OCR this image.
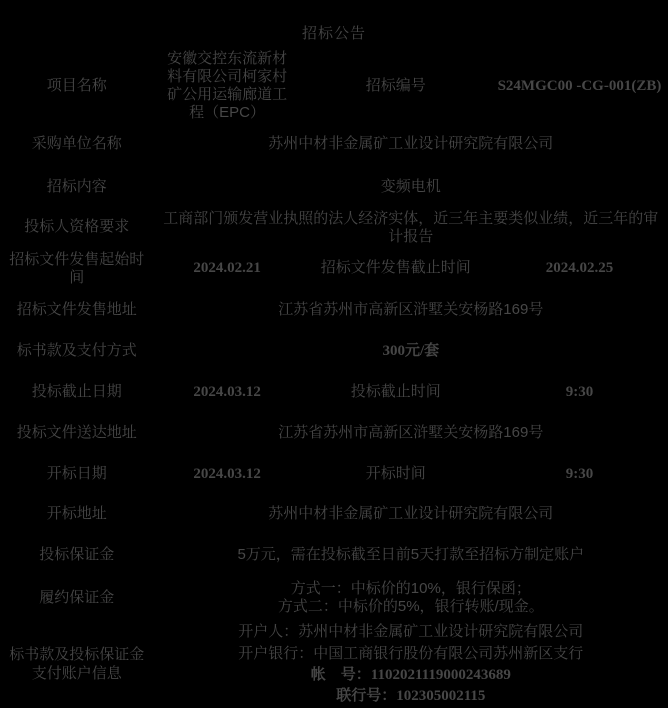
招标公告
项目名称	安徽交控东流新材料有限公司柯家村矿公用运输廊道工程（EPC）	招标编号	S24MGC00 -CG-001(ZB)
采购单位名称	苏州中材非金属矿工业设计研究院有限公司		
招标内容	变频电机		
投标人资格要求	工商部门颁发营业执照的法人经济实体，近三年主要类似业绩，近三年的审计报告		
招标文件发售起始时间	2024.02.21	招标文件发售截止时间	2024.02.25
招标文件发售地址	江苏省苏州市高新区浒墅关安杨路169号		
标书款及支付方式	300元/套		
投标截止日期	2024.03.12	投标截止时间	9:30
投标文件送达地址	江苏省苏州市高新区浒墅关安杨路169号		
开标日期	2024.03.12	开标时间	9:30
开标地址	苏州中材非金属矿工业设计研究院有限公司		
投标保证金	5万元，需在投标截至日前5天打款至招标方制定账户		
履约保证金	方式一：中标价的10%，银行保函；
方式二：中标价的5%，银行转账/现金。		

标书款及投标保证金支付账户信息	开户人：苏州中材非金属矿工业设计研究院有限公司
开户银行：中国工商银行股份有限公司苏州新区支行
帐　号：1102021119000243689
联行号：102305002115		
